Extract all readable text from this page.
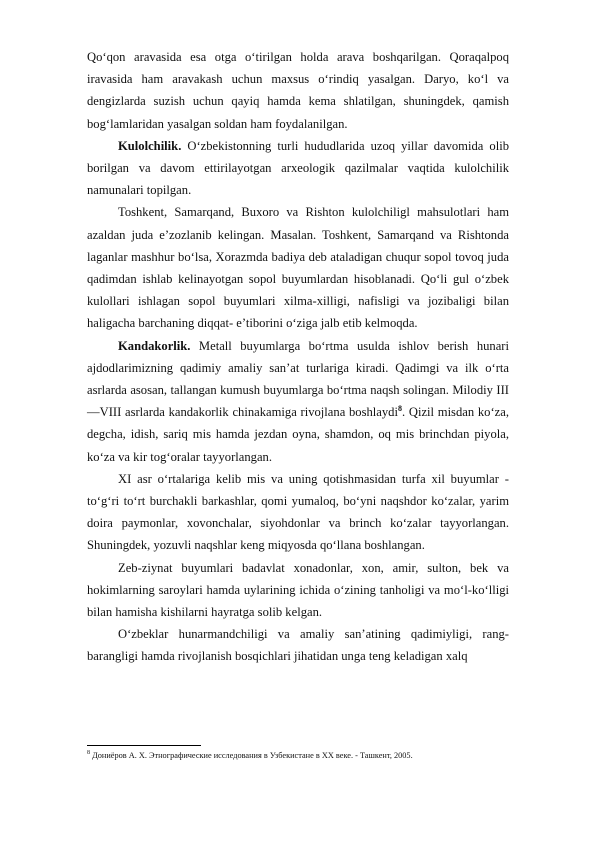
Qo‘qon aravasida esa otga o‘tirilgan holda arava boshqarilgan. Qoraqalpoq iravasida ham aravakash uchun maxsus o‘rindiq yasalgan. Daryo, ko‘l va dengizlarda suzish uchun qayiq hamda kema shlatilgan, shuningdek, qamish bog‘lamlaridan yasalgan soldan ham foydalanilgan.

Kulolchilik. O‘zbekistonning turli hududlarida uzoq yillar davomida olib borilgan va davom ettirilayotgan arxeologik qazilmalar vaqtida kulolchilik namunalari topilgan.

Toshkent, Samarqand, Buxoro va Rishton kulolchiligl mahsulotlari ham azaldan juda e’zozlanib kelingan. Masalan. Toshkent, Samarqand va Rishtonda laganlar mashhur bo‘lsa, Xorazmda badiya deb ataladigan chuqur sopol tovoq juda qadimdan ishlab kelinayotgan sopol buyumlardan hisoblanadi. Qo‘li gul o‘zbek kulollari ishlagan sopol buyumlari xilma-xilligi, nafisligi va jozibaligi bilan haligacha barchaning diqqat- e’tiborini o‘ziga jalb etib kelmoqda.

Kandakorlik. Metall buyumlarga bo‘rtma usulda ishlov berish hunari ajdodlarimizning qadimiy amaliy san’at turlariga kiradi. Qadimgi va ilk o‘rta asrlarda asosan, tallangan kumush buyumlarga bo‘rtma naqsh solingan. Milodiy III —VIII asrlarda kandakorlik chinakamiga rivojlana boshlaydi$^8$. Qizil misdan ko‘za, degcha, idish, sariq mis hamda jezdan oyna, shamdon, oq mis brinchdan piyola, ko‘za va kir tog‘oralar tayyorlangan.

XI asr o‘rtalariga kelib mis va uning qotishmasidan turfa xil buyumlar - to‘g‘ri to‘rt burchakli barkashlar, qomi yumaloq, bo‘yni naqshdor ko‘zalar, yarim doira paymonlar, xovonchalar, siyohdonlar va brinch ko‘zalar tayyorlangan. Shuningdek, yozuvli naqshlar keng miqyosda qo‘llana boshlangan.

Zeb-ziynat buyumlari badavlat xonadonlar, xon, amir, sulton, bek va hokimlarning saroylari hamda uylarining ichida o‘zining tanholigi va mo‘l-ko‘lligi bilan hamisha kishilarni hayratga solib kelgan.

O‘zbeklar hunarmandchiligi va amaliy san’atining qadimiyligi, rang-barangligi hamda rivojlanish bosqichlari jihatidan unga teng keladigan xalq

$^8$ Дониёров А. Х. Этнографические исследования в Узбекистане в XX веке. - Ташкент, 2005.
